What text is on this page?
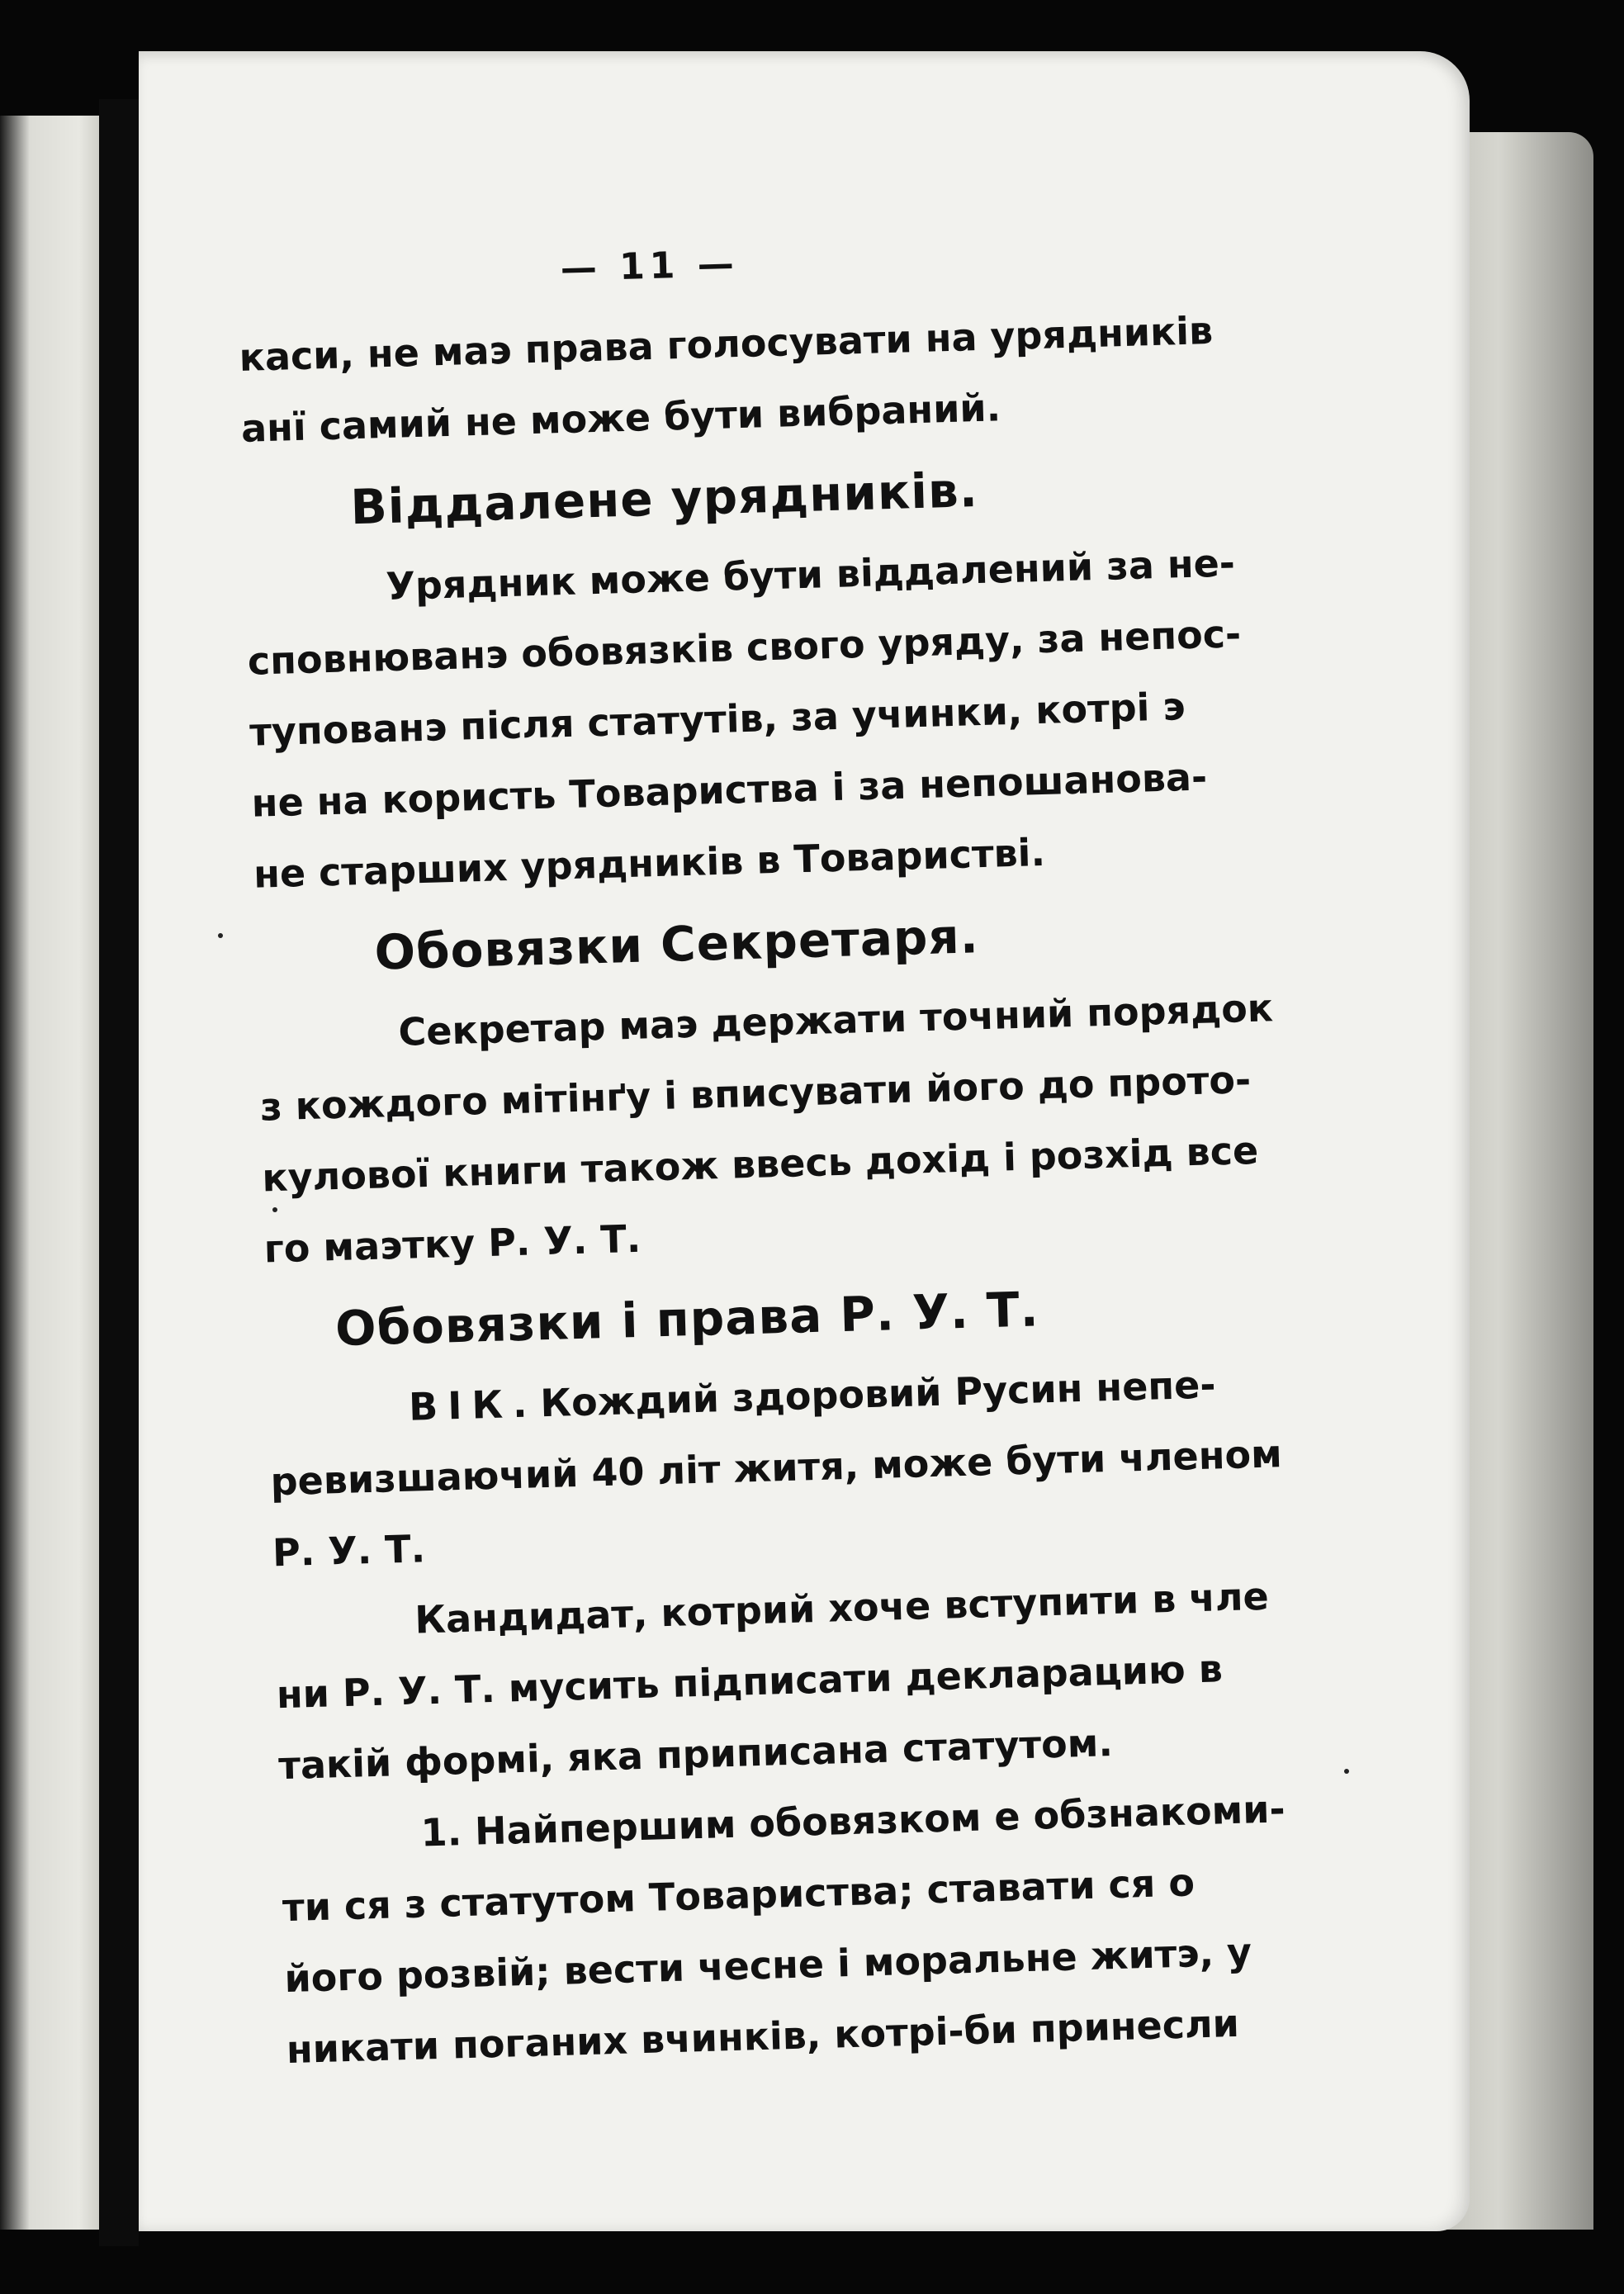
— 11 —
каси, не маэ права голосувати на урядників
анї самий не може бути вибраний.
Віддалене урядників.
Урядник може бути віддалений за не-
сповнюванэ обовязків свого уряду, за непос-
тупованэ після статутів, за учинки, котрі э
не на користь Товариства і за непошанова-
не старших урядників в Товаристві.
Обовязки Секретаря.
Секретар маэ держати точний порядок
з кождого мітінґу і вписувати його до прото-
кулової книги також ввесь дохід і розхід все
го маэтку Р. У. Т.
Обовязки і права Р. У. Т.
ВІК. Кождий здоровий Русин непе-
ревизшаючий 40 літ житя, може бути членом
Р. У. Т.
Кандидат, котрий хоче вступити в чле
ни Р. У. Т. мусить підписати декларацию в
такій формі, яка приписана статутом.
1. Найпершим обовязком е обзнакоми-
ти ся з статутом Товариства; ставати ся о
його розвій; вести чесне і моральне житэ, у
никати поганих вчинків, котрі-би принесли
